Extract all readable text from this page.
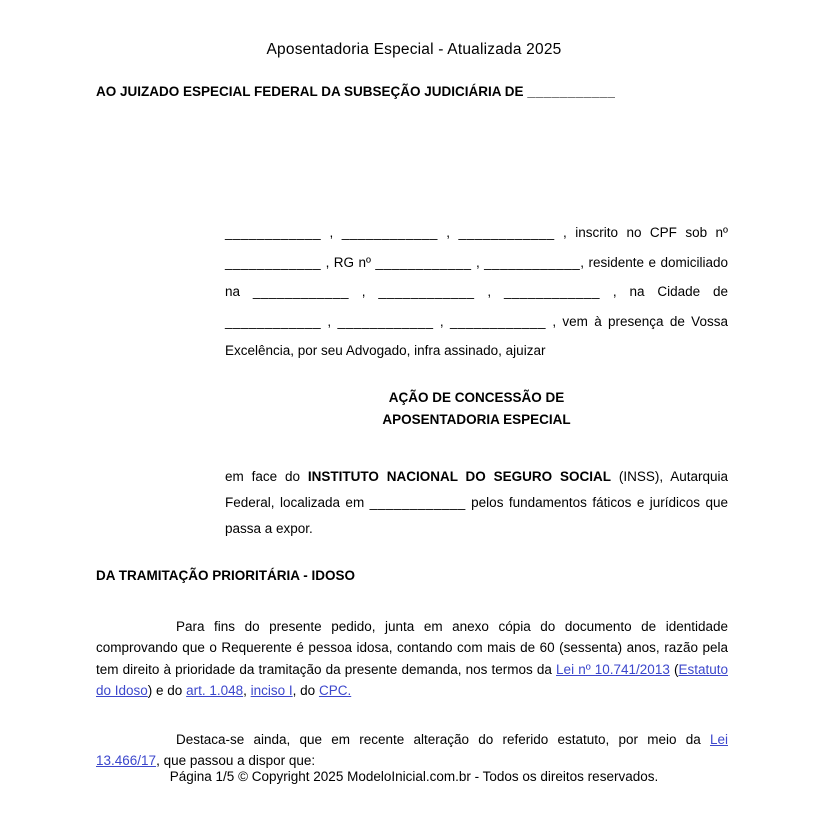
Aposentadoria Especial - Atualizada 2025
AO JUIZADO ESPECIAL FEDERAL DA SUBSEÇÃO JUDICIÁRIA DE ___________
____________ , ____________ , ____________ , inscrito no CPF sob nº ____________ , RG nº ____________ , ____________, residente e domiciliado na ____________ , ____________ , ____________ , na Cidade de ____________ , ____________ , ____________ , vem à presença de Vossa Excelência, por seu Advogado, infra assinado, ajuizar
AÇÃO DE CONCESSÃO DE
APOSENTADORIA ESPECIAL
em face do INSTITUTO NACIONAL DO SEGURO SOCIAL (INSS), Autarquia Federal, localizada em ____________ pelos fundamentos fáticos e jurídicos que passa a expor.
DA TRAMITAÇÃO PRIORITÁRIA - IDOSO
Para fins do presente pedido, junta em anexo cópia do documento de identidade comprovando que o Requerente é pessoa idosa, contando com mais de 60 (sessenta) anos, razão pela tem direito à prioridade da tramitação da presente demanda, nos termos da Lei nº 10.741/2013 (Estatuto do Idoso) e do art. 1.048, inciso I, do CPC.
Destaca-se ainda, que em recente alteração do referido estatuto, por meio da Lei 13.466/17, que passou a dispor que:
Página 1/5 © Copyright 2025 ModeloInicial.com.br - Todos os direitos reservados.
